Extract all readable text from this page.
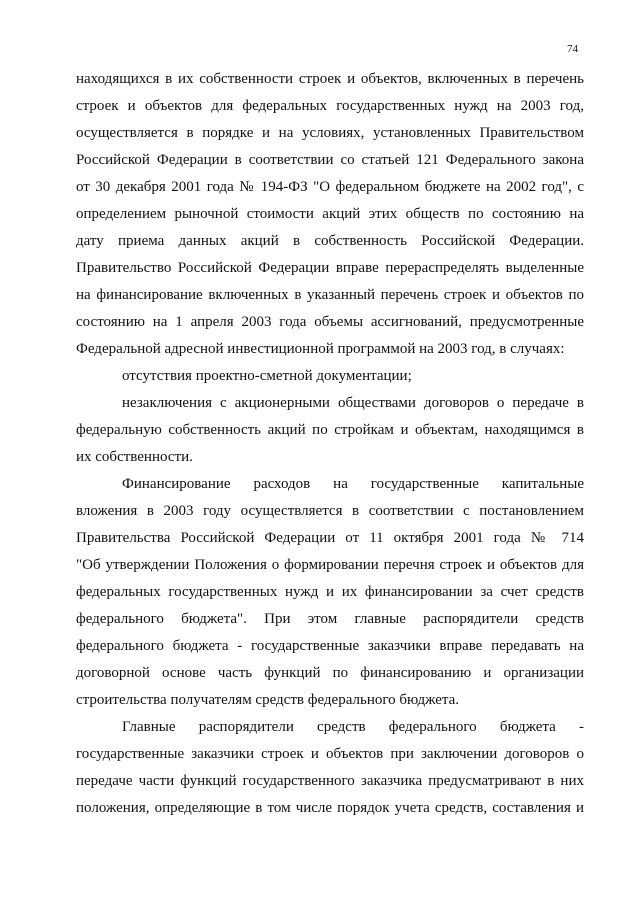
74
находящихся в их собственности строек и объектов, включенных в перечень
строек и объектов для федеральных государственных нужд на 2003 год,
осуществляется в порядке и на условиях, установленных Правительством
Российской Федерации в соответствии со статьей 121 Федерального закона
от 30 декабря 2001 года № 194-ФЗ "О федеральном бюджете на 2002 год", с
определением рыночной стоимости акций этих обществ по состоянию на
дату приема данных акций в собственность Российской Федерации.
Правительство Российской Федерации вправе перераспределять выделенные
на финансирование включенных в указанный перечень строек и объектов по
состоянию на 1 апреля 2003 года объемы ассигнований, предусмотренные
Федеральной адресной инвестиционной программой на 2003 год, в случаях:
отсутствия проектно-сметной документации;
незаключения с акционерными обществами договоров о передаче в
федеральную собственность акций по стройкам и объектам, находящимся в
их собственности.
Финансирование расходов на государственные капитальные
вложения в 2003 году осуществляется в соответствии с постановлением
Правительства Российской Федерации от 11 октября 2001 года № 714
"Об утверждении Положения о формировании перечня строек и объектов для
федеральных государственных нужд и их финансировании за счет средств
федерального бюджета". При этом главные распорядители средств
федерального бюджета - государственные заказчики вправе передавать на
договорной основе часть функций по финансированию и организации
строительства получателям средств федерального бюджета.
Главные распорядители средств федерального бюджета -
государственные заказчики строек и объектов при заключении договоров о
передаче части функций государственного заказчика предусматривают в них
положения, определяющие в том числе порядок учета средств, составления и
